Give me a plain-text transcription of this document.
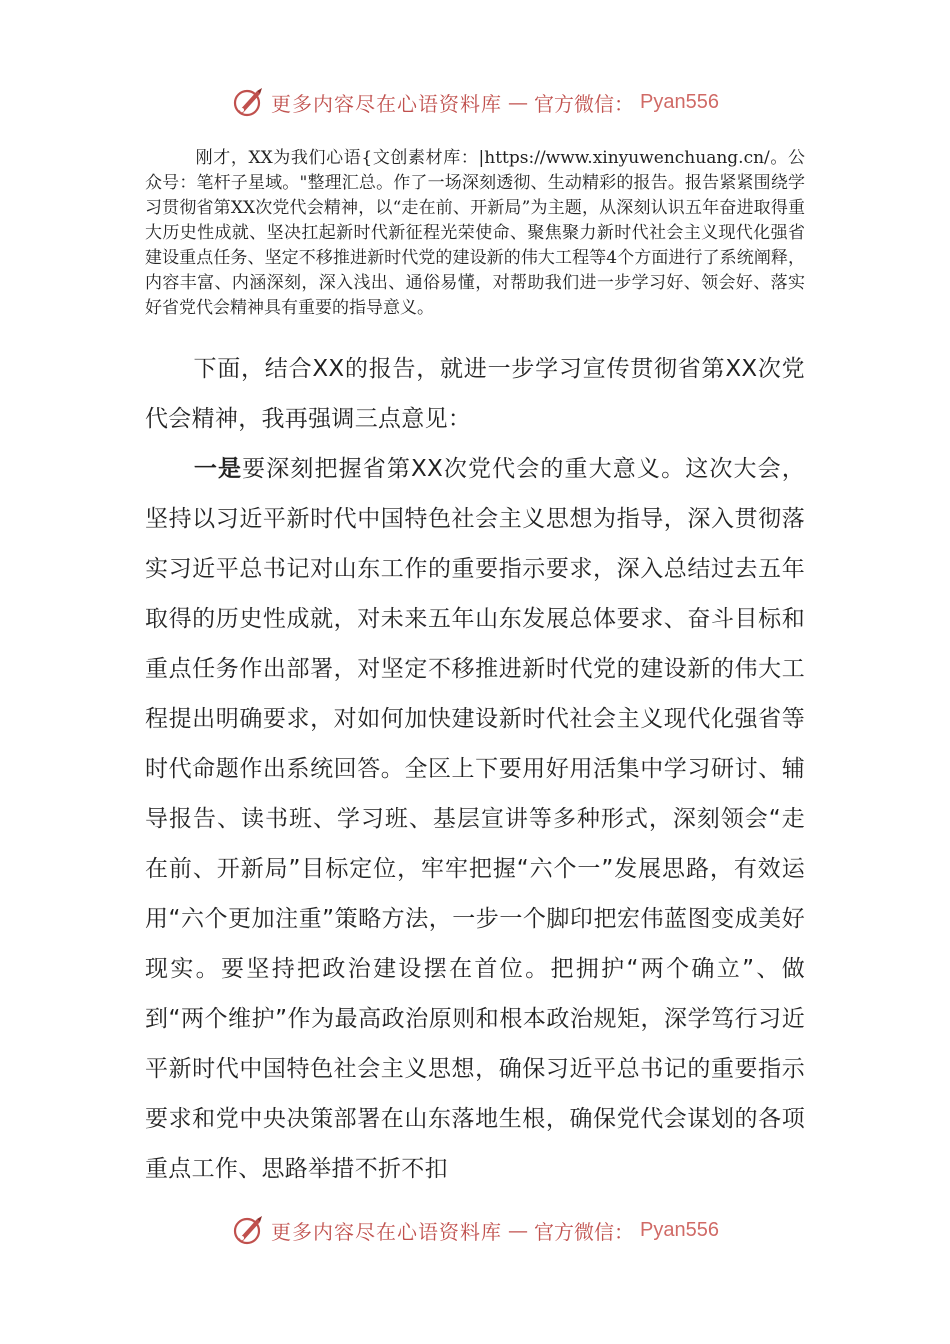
更多内容尽在心语资料库 — 官方微信： Pyan556

刚才，XX为我们心语{文创素材库：|https://www.xinyuwenchuang.cn/。公众号：笔杆子星域。"整理汇总。作了一场深刻透彻、生动精彩的报告。报告紧紧围绕学习贯彻省第XX次党代会精神，以“走在前、开新局”为主题，从深刻认识五年奋进取得重大历史性成就、坚决扛起新时代新征程光荣使命、聚焦聚力新时代社会主义现代化强省建设重点任务、坚定不移推进新时代党的建设新的伟大工程等4个方面进行了系统阐释，内容丰富、内涵深刻，深入浅出、通俗易懂，对帮助我们进一步学习好、领会好、落实好省党代会精神具有重要的指导意义。

下面，结合XX的报告，就进一步学习宣传贯彻省第XX次党代会精神，我再强调三点意见：

一是要深刻把握省第XX次党代会的重大意义。这次大会，坚持以习近平新时代中国特色社会主义思想为指导，深入贯彻落实习近平总书记对山东工作的重要指示要求，深入总结过去五年取得的历史性成就，对未来五年山东发展总体要求、奋斗目标和重点任务作出部署，对坚定不移推进新时代党的建设新的伟大工程提出明确要求，对如何加快建设新时代社会主义现代化强省等时代命题作出系统回答。全区上下要用好用活集中学习研讨、辅导报告、读书班、学习班、基层宣讲等多种形式，深刻领会“走在前、开新局”目标定位，牢牢把握“六个一”发展思路，有效运用“六个更加注重”策略方法，一步一个脚印把宏伟蓝图变成美好现实。要坚持把政治建设摆在首位。把拥护“两个确立”、做到“两个维护”作为最高政治原则和根本政治规矩，深学笃行习近平新时代中国特色社会主义思想，确保习近平总书记的重要指示要求和党中央决策部署在山东落地生根，确保党代会谋划的各项重点工作、思路举措不折不扣

更多内容尽在心语资料库 — 官方微信： Pyan556
